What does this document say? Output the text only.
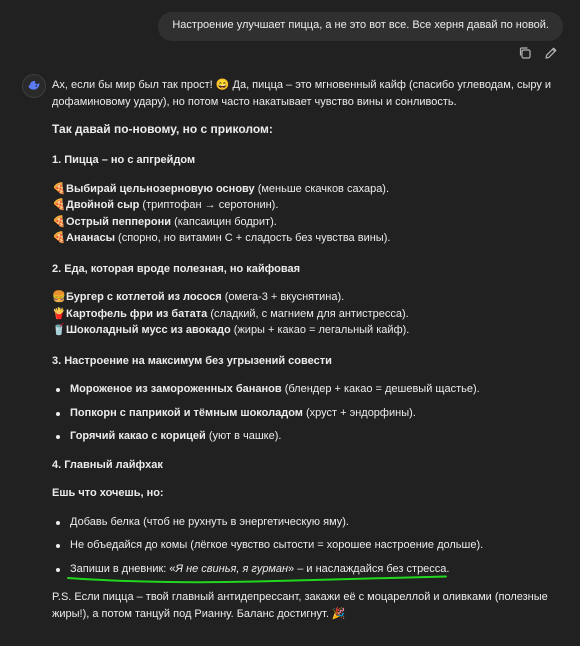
Настроение улучшает пицца, а не это вот все. Все херня давай по новой.

Ах, если бы мир был так прост! 😄 Да, пицца – это мгновенный кайф (спасибо углеводам, сыру и дофаминовому удару), но потом часто накатывает чувство вины и сонливость.

Так давай по-новому, но с приколом:

1. Пицца – но с апгрейдом

🍕Выбирай цельнозерновую основу (меньше скачков сахара).

🍕Двойной сыр (триптофан → серотонин).

🍕Острый пепперони (капсаицин бодрит).

🍕Ананасы (спорно, но витамин C + сладость без чувства вины).

2. Еда, которая вроде полезная, но кайфовая

🍔Бургер с котлетой из лосося (омега-3 + вкуснятина).

🍟Картофель фри из батата (сладкий, с магнием для антистресса).

🥤Шоколадный мусс из авокадо (жиры + какао = легальный кайф).

3. Настроение на максимум без угрызений совести

Мороженое из замороженных бананов (блендер + какао = дешевый щастье).
Попкорн с паприкой и тёмным шоколадом (хруст + эндорфины).
Горячий какао с корицей (уют в чашке).

4. Главный лайфхак

Ешь что хочешь, но:

Добавь белка (чтоб не рухнуть в энергетическую яму).
Не объедайся до комы (лёгкое чувство сытости = хорошее настроение дольше).
Запиши в дневник: «Я не свинья, я гурман» – и наслаждайся без стресса.

P.S. Если пицца – твой главный антидепрессант, закажи её с моцареллой и оливками (полезные жиры!), а потом танцуй под Рианну. Баланс достигнут. 🎉
